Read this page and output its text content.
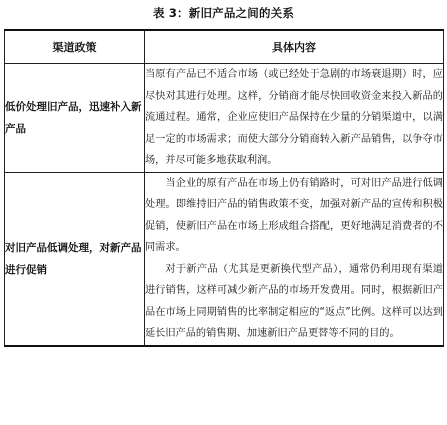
表 3：新旧产品之间的关系
渠道政策	具体内容
低价处理旧产品，迅速补入新产品	当原有产品已不适合市场（或已经处于急剧的市场衰退期）时，应尽快对其进行处理。这样，分销商才能尽快回收资金来投入新品的流通过程。通常，企业应使旧产品保持在少量的分销渠道中，以满足一定的市场需求；而使大部分分销商转入新产品销售，以争夺市场，并尽可能多地获取利润。

对旧产品低调处理，对新产品进行促销	当企业的原有产品在市场上仍有销路时，可对旧产品进行低调处理。即维持旧产品的销售政策不变，加强对新产品的宣传和积极促销，使新旧产品在市场上形成组合搭配，更好地满足消费者的不同需求。

对于新产品（尤其是更新换代型产品），通常仍利用现有渠道进行销售，这样可减少新产品的市场开发费用。同时，根据新旧产品在市场上同期销售的比率制定相应的“返点”比例。这样可以达到延长旧产品的销售期、加速新旧产品更替等不同的目的。
